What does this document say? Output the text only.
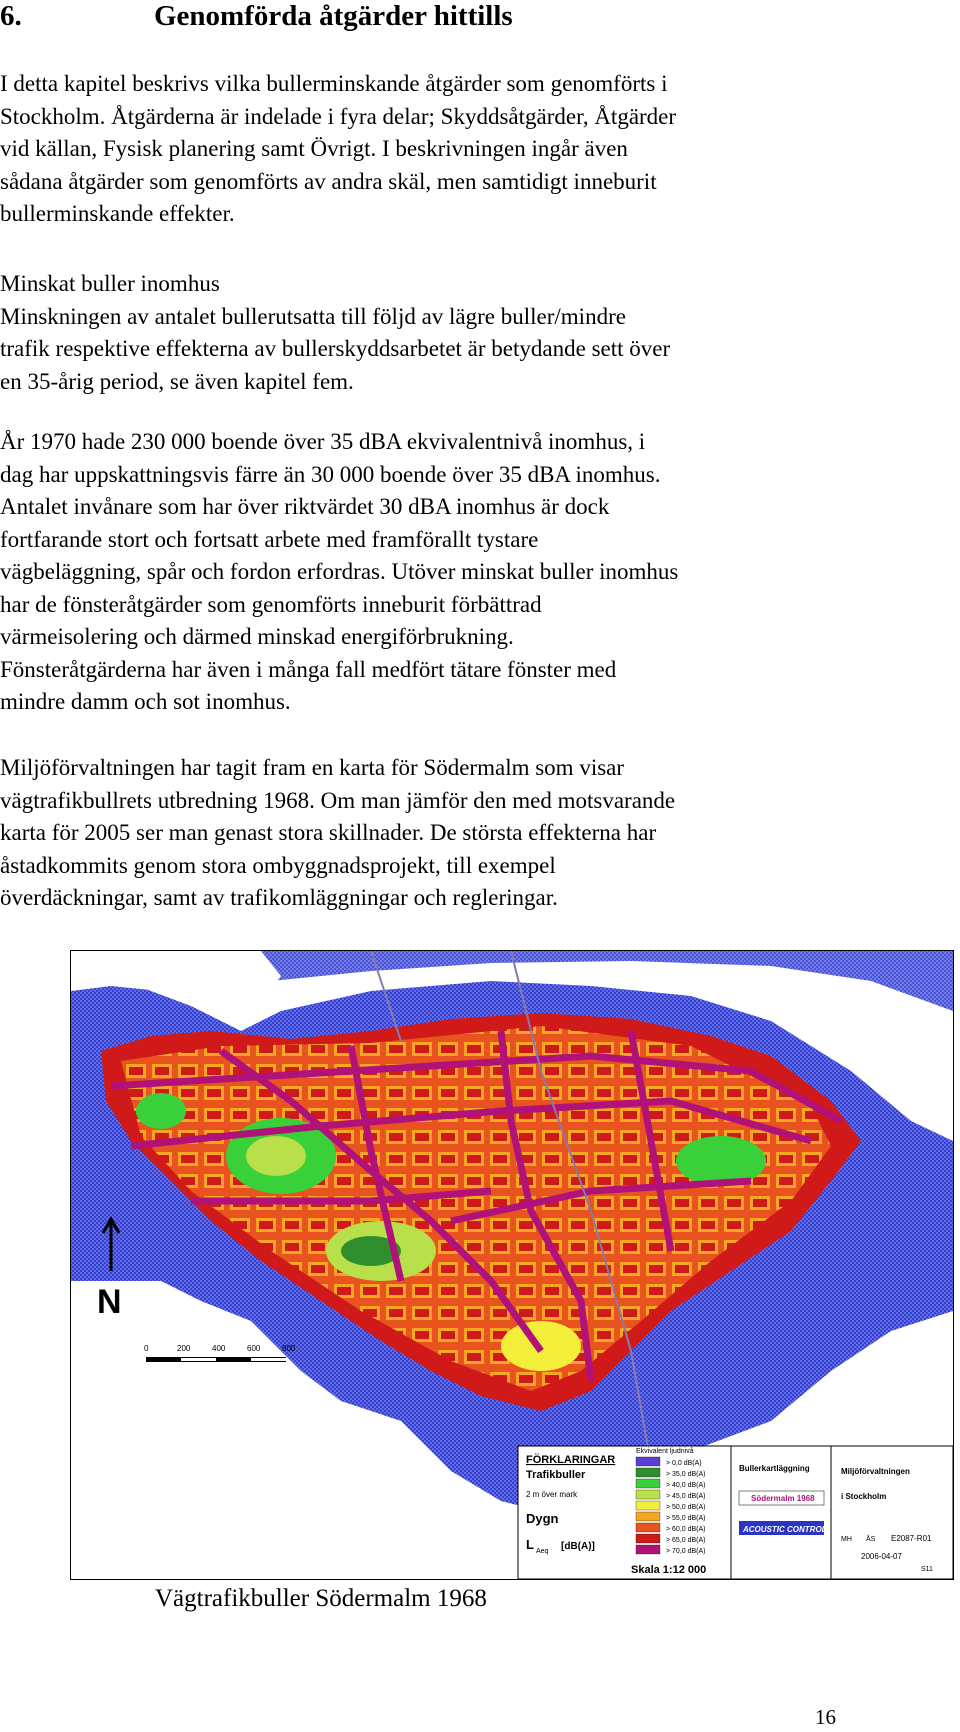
6.	Genomförda åtgärder hittills
I detta kapitel beskrivs vilka bullerminskande åtgärder som genomförts i
Stockholm. Åtgärderna är indelade i fyra delar; Skyddsåtgärder, Åtgärder
vid källan, Fysisk planering samt Övrigt. I beskrivningen ingår även
sådana åtgärder som genomförts av andra skäl, men samtidigt inneburit
bullerminskande effekter.
Minskat buller inomhus
Minskningen av antalet bullerutsatta till följd av lägre buller/mindre
trafik respektive effekterna av bullerskyddsarbetet är betydande sett över
en 35-årig period, se även kapitel fem.
År 1970 hade 230 000 boende över 35 dBA ekvivalentnivå inomhus, i
dag har uppskattningsvis färre än 30 000 boende över 35 dBA inomhus.
Antalet invånare som har över riktvärdet 30 dBA inomhus är dock
fortfarande stort och fortsatt arbete med framförallt tystare
vägbeläggning, spår och fordon erfordras. Utöver minskat buller inomhus
har de fönsteråtgärder som genomförts inneburit förbättrad
värmeisolering och därmed minskad energiförbrukning.
Fönsteråtgärderna har även i många fall medfört tätare fönster med
mindre damm och sot inomhus.
Miljöförvaltningen har tagit fram en karta för Södermalm som visar
vägtrafikbullrets utbredning 1968. Om man jämför den med motsvarande
karta för 2005 ser man genast stora skillnader. De största effekterna har
åstadkommits genom stora ombyggnadsprojekt, till exempel
överdäckningar, samt av trafikomläggningar och regleringar.
N
0	200	400	600	800
FÖRKLARINGAR
Trafikbuller
2 m över mark
Dygn
L Aeq [dB(A)]
Ekvivalent ljudnivå
> 0,0 dB(A)
> 35,0 dB(A)
> 40,0 dB(A)
> 45,0 dB(A)
> 50,0 dB(A)
> 55,0 dB(A)
> 60,0 dB(A)
> 65,0 dB(A)
> 70,0 dB(A)
Skala 1:12 000
Bullerkartläggning
Södermalm 1968
ACOUSTIC CONTROL
Miljöförvaltningen
i Stockholm
MH ÅS E2087-R01
2006-04-07
S11
Vägtrafikbuller Södermalm 1968
16
